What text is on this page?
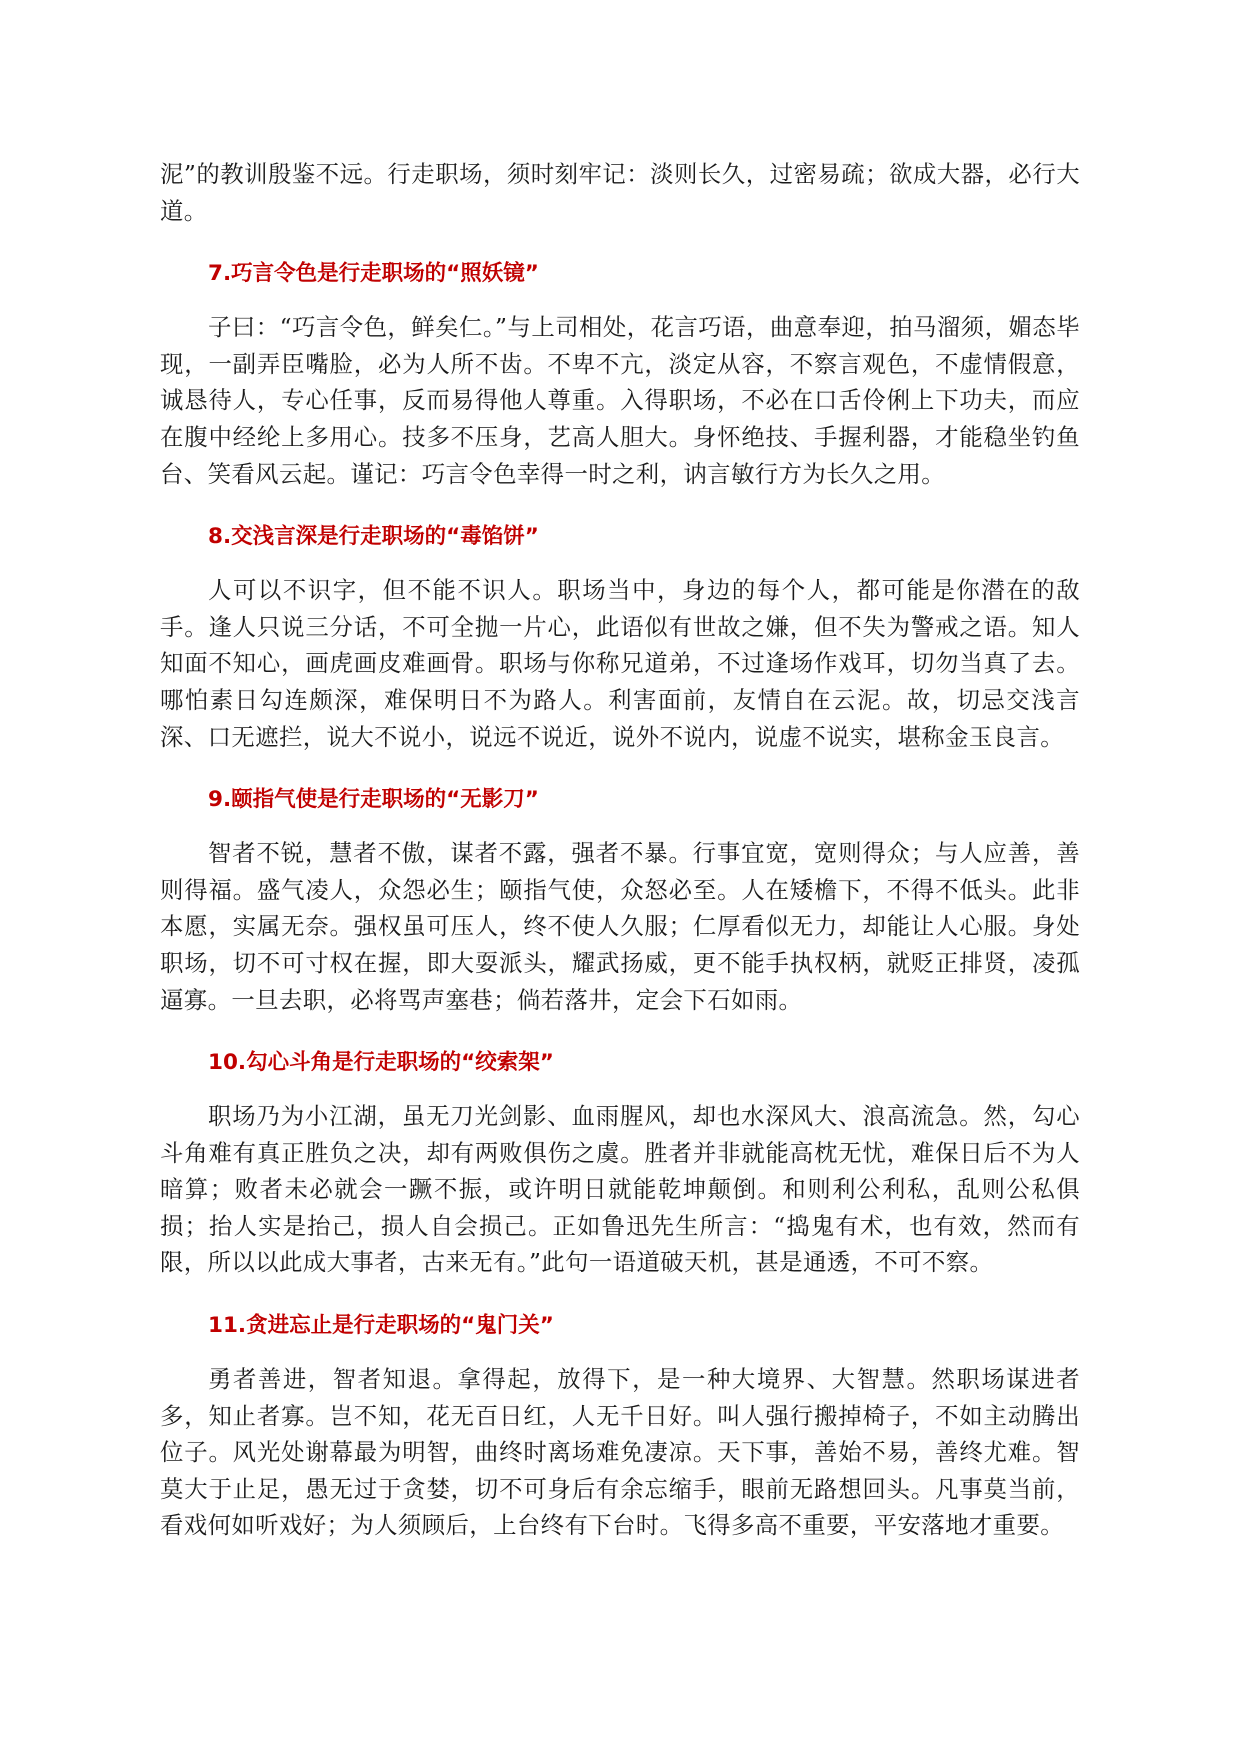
泥”的教训殷鉴不远。行走职场，须时刻牢记：淡则长久，过密易疏；欲成大器，必行大道。

7.巧言令色是行走职场的“照妖镜”

子曰：“巧言令色，鲜矣仁。”与上司相处，花言巧语，曲意奉迎，拍马溜须，媚态毕现，一副弄臣嘴脸，必为人所不齿。不卑不亢，淡定从容，不察言观色，不虚情假意，诚恳待人，专心任事，反而易得他人尊重。入得职场，不必在口舌伶俐上下功夫，而应在腹中经纶上多用心。技多不压身，艺高人胆大。身怀绝技、手握利器，才能稳坐钓鱼台、笑看风云起。谨记：巧言令色幸得一时之利，讷言敏行方为长久之用。

8.交浅言深是行走职场的“毒馅饼”

人可以不识字，但不能不识人。职场当中，身边的每个人，都可能是你潜在的敌手。逢人只说三分话，不可全抛一片心，此语似有世故之嫌，但不失为警戒之语。知人知面不知心，画虎画皮难画骨。职场与你称兄道弟，不过逢场作戏耳，切勿当真了去。哪怕素日勾连颇深，难保明日不为路人。利害面前，友情自在云泥。故，切忌交浅言深、口无遮拦，说大不说小，说远不说近，说外不说内，说虚不说实，堪称金玉良言。

9.颐指气使是行走职场的“无影刀”

智者不锐，慧者不傲，谋者不露，强者不暴。行事宜宽，宽则得众；与人应善，善则得福。盛气凌人，众怨必生；颐指气使，众怒必至。人在矮檐下，不得不低头。此非本愿，实属无奈。强权虽可压人，终不使人久服；仁厚看似无力，却能让人心服。身处职场，切不可寸权在握，即大耍派头，耀武扬威，更不能手执权柄，就贬正排贤，凌孤逼寡。一旦去职，必将骂声塞巷；倘若落井，定会下石如雨。

10.勾心斗角是行走职场的“绞索架”

职场乃为小江湖，虽无刀光剑影、血雨腥风，却也水深风大、浪高流急。然，勾心斗角难有真正胜负之决，却有两败俱伤之虞。胜者并非就能高枕无忧，难保日后不为人暗算；败者未必就会一蹶不振，或许明日就能乾坤颠倒。和则利公利私，乱则公私俱损；抬人实是抬己，损人自会损己。正如鲁迅先生所言：“捣鬼有术，也有效，然而有限，所以以此成大事者，古来无有。”此句一语道破天机，甚是通透，不可不察。

11.贪进忘止是行走职场的“鬼门关”

勇者善进，智者知退。拿得起，放得下，是一种大境界、大智慧。然职场谋进者多，知止者寡。岂不知，花无百日红，人无千日好。叫人强行搬掉椅子，不如主动腾出位子。风光处谢幕最为明智，曲终时离场难免凄凉。天下事，善始不易，善终尤难。智莫大于止足，愚无过于贪婪，切不可身后有余忘缩手，眼前无路想回头。凡事莫当前，看戏何如听戏好；为人须顾后，上台终有下台时。飞得多高不重要，平安落地才重要。
